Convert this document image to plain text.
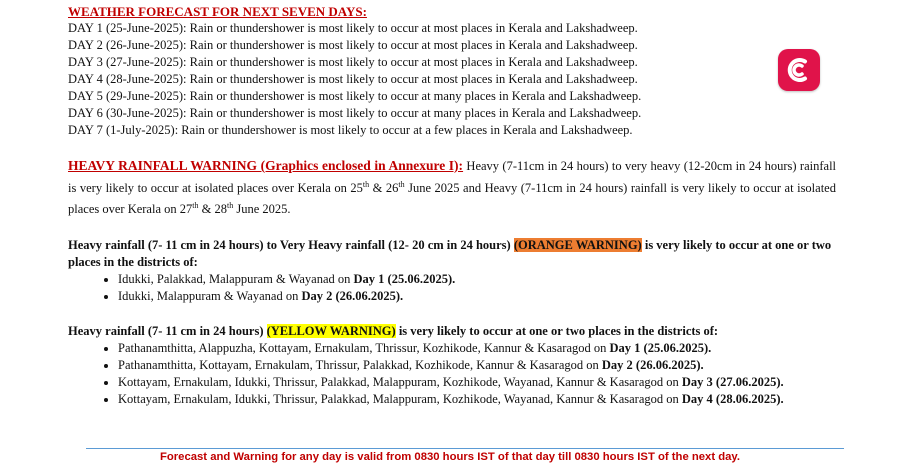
WEATHER FORECAST FOR NEXT SEVEN DAYS:
DAY 1 (25-June-2025): Rain or thundershower is most likely to occur at most places in Kerala and Lakshadweep.
DAY 2 (26-June-2025): Rain or thundershower is most likely to occur at most places in Kerala and Lakshadweep.
DAY 3 (27-June-2025): Rain or thundershower is most likely to occur at most places in Kerala and Lakshadweep.
DAY 4 (28-June-2025): Rain or thundershower is most likely to occur at most places in Kerala and Lakshadweep.
DAY 5 (29-June-2025): Rain or thundershower is most likely to occur at many places in Kerala and Lakshadweep.
DAY 6 (30-June-2025): Rain or thundershower is most likely to occur at many places in Kerala and Lakshadweep.
DAY 7 (1-July-2025): Rain or thundershower is most likely to occur at a few places in Kerala and Lakshadweep.
HEAVY RAINFALL WARNING (Graphics enclosed in Annexure I): Heavy (7-11cm in 24 hours) to very heavy (12-20cm in 24 hours) rainfall is very likely to occur at isolated places over Kerala on 25th & 26th June 2025 and Heavy (7-11cm in 24 hours) rainfall is very likely to occur at isolated places over Kerala on 27th & 28th June 2025.
Heavy rainfall (7- 11 cm in 24 hours) to Very Heavy rainfall (12- 20 cm in 24 hours) (ORANGE WARNING) is very likely to occur at one or two places in the districts of:
• Idukki, Palakkad, Malappuram & Wayanad on Day 1 (25.06.2025).
• Idukki, Malappuram & Wayanad on Day 2 (26.06.2025).
Heavy rainfall (7- 11 cm in 24 hours) (YELLOW WARNING) is very likely to occur at one or two places in the districts of:
• Pathanamthitta, Alappuzha, Kottayam, Ernakulam, Thrissur, Kozhikode, Kannur & Kasaragod on Day 1 (25.06.2025).
• Pathanamthitta, Kottayam, Ernakulam, Thrissur, Palakkad, Kozhikode, Kannur & Kasaragod on Day 2 (26.06.2025).
• Kottayam, Ernakulam, Idukki, Thrissur, Palakkad, Malappuram, Kozhikode, Wayanad, Kannur & Kasaragod on Day 3 (27.06.2025).
• Kottayam, Ernakulam, Idukki, Thrissur, Palakkad, Malappuram, Kozhikode, Wayanad, Kannur & Kasaragod on Day 4 (28.06.2025).
Forecast and Warning for any day is valid from 0830 hours IST of that day till 0830 hours IST of the next day.
